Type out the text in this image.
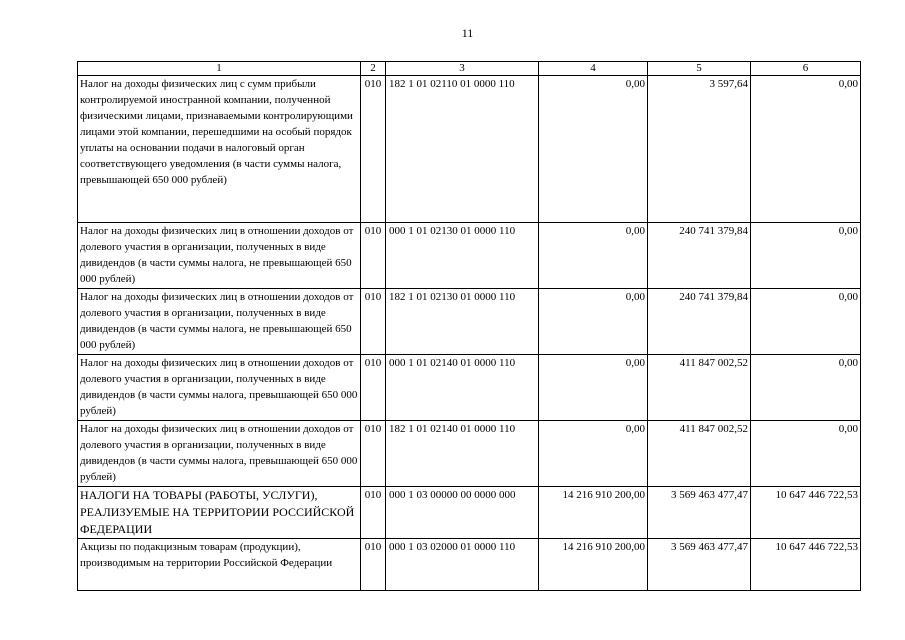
11
1	2	3	4	5	6
Налог на доходы физических лиц с сумм прибыли контролируемой иностранной компании, полученной физическими лицами, признаваемыми контролирующими лицами этой компании, перешедшими на особый порядок уплаты на основании подачи в налоговый орган соответствующего уведомления (в части суммы налога, превышающей 650 000 рублей)	010	182 1 01 02110 01 0000 110	0,00	3 597,64	0,00
Налог на доходы физических лиц в отношении доходов от долевого участия в организации, полученных в виде дивидендов (в части суммы налога, не превышающей 650 000 рублей)	010	000 1 01 02130 01 0000 110	0,00	240 741 379,84	0,00
Налог на доходы физических лиц в отношении доходов от долевого участия в организации, полученных в виде дивидендов (в части суммы налога, не превышающей 650 000 рублей)	010	182 1 01 02130 01 0000 110	0,00	240 741 379,84	0,00
Налог на доходы физических лиц в отношении доходов от долевого участия в организации, полученных в виде дивидендов (в части суммы налога, превышающей 650 000 рублей)	010	000 1 01 02140 01 0000 110	0,00	411 847 002,52	0,00
Налог на доходы физических лиц в отношении доходов от долевого участия в организации, полученных в виде дивидендов (в части суммы налога, превышающей 650 000 рублей)	010	182 1 01 02140 01 0000 110	0,00	411 847 002,52	0,00
НАЛОГИ НА ТОВАРЫ (РАБОТЫ, УСЛУГИ), РЕАЛИЗУЕМЫЕ НА ТЕРРИТОРИИ РОССИЙСКОЙ ФЕДЕРАЦИИ	010	000 1 03 00000 00 0000 000	14 216 910 200,00	3 569 463 477,47	10 647 446 722,53
Акцизы по подакцизным товарам (продукции), производимым на территории Российской Федерации	010	000 1 03 02000 01 0000 110	14 216 910 200,00	3 569 463 477,47	10 647 446 722,53
